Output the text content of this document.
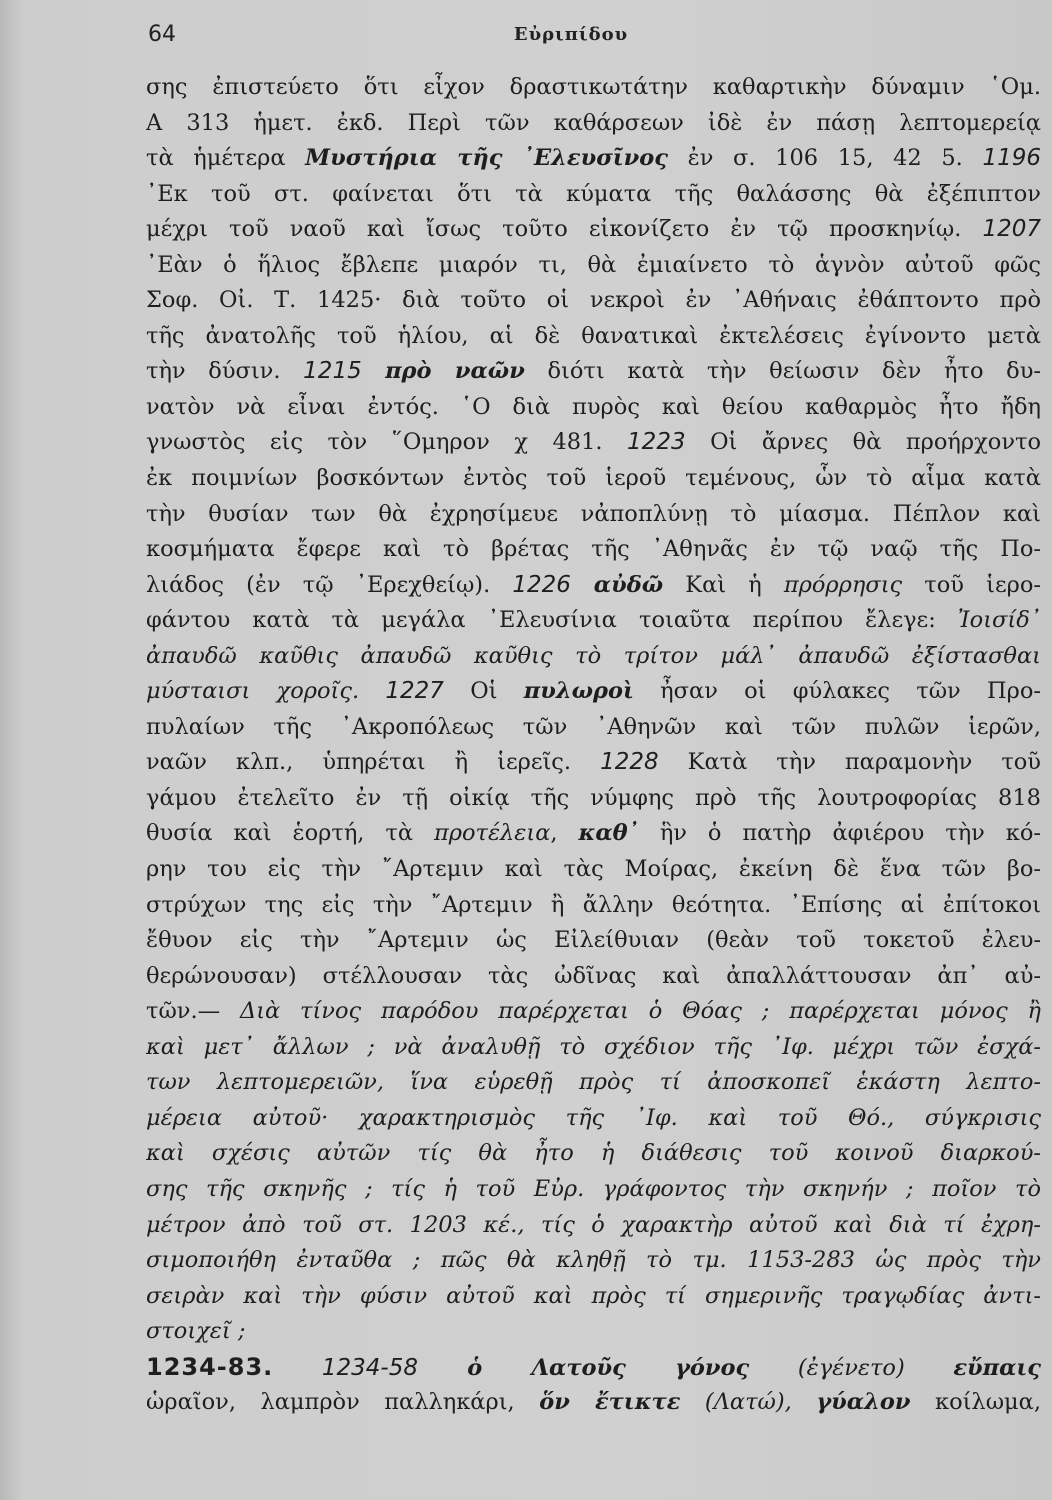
64	Εὐριπίδου
σης ἐπιστεύετο ὅτι εἶχον δραστικωτάτην καθαρτικὴν δύναμιν ῾Ομ.
Α 313 ἡμετ. ἐκδ. Περὶ τῶν καθάρσεων ἰδὲ ἐν πάσῃ λεπτομερείᾳ
τὰ ἡμέτερα Μυστήρια τῆς ᾿Ελευσῖνος ἐν σ. 106 15, 42 5. 1196
᾿Εκ τοῦ στ. φαίνεται ὅτι τὰ κύματα τῆς θαλάσσης θὰ ἐξέπιπτον
μέχρι τοῦ ναοῦ καὶ ἴσως τοῦτο εἰκονίζετο ἐν τῷ προσκηνίῳ. 1207
᾿Εὰν ὁ ἥλιος ἔβλεπε μιαρόν τι, θὰ ἐμιαίνετο τὸ ἁγνὸν αὐτοῦ φῶς
Σοφ. Οἰ. Τ. 1425· διὰ τοῦτο οἱ νεκροὶ ἐν ᾿Αθήναις ἐθάπτοντο πρὸ
τῆς ἀνατολῆς τοῦ ἡλίου, αἱ δὲ θανατικαὶ ἐκτελέσεις ἐγίνοντο μετὰ
τὴν δύσιν. 1215 πρὸ ναῶν διότι κατὰ τὴν θείωσιν δὲν ἦτο δυ-
νατὸν νὰ εἶναι ἐντός. ῾Ο διὰ πυρὸς καὶ θείου καθαρμὸς ἦτο ἤδη
γνωστὸς εἰς τὸν ῞Ομηρον χ 481. 1223 Οἱ ἄρνες θὰ προήρχοντο
ἐκ ποιμνίων βοσκόντων ἐντὸς τοῦ ἱεροῦ τεμένους, ὧν τὸ αἷμα κατὰ
τὴν θυσίαν των θὰ ἐχρησίμευε νἀποπλύνῃ τὸ μίασμα. Πέπλον καὶ
κοσμήματα ἔφερε καὶ τὸ βρέτας τῆς ᾿Αθηνᾶς ἐν τῷ ναῷ τῆς Πο-
λιάδος (ἐν τῷ ᾿Ερεχθείῳ). 1226 αὐδῶ Καὶ ἡ πρόρρησις τοῦ ἱερο-
φάντου κατὰ τὰ μεγάλα ᾿Ελευσίνια τοιαῦτα περίπου ἔλεγε: Ἰοισίδ᾿
ἀπαυδῶ καῦθις ἀπαυδῶ καῦθις τὸ τρίτον μάλ᾿ ἀπαυδῶ ἐξίστασθαι
μύσταισι χοροῖς. 1227 Οἱ πυλωροὶ ἦσαν οἱ φύλακες τῶν Προ-
πυλαίων τῆς ᾿Ακροπόλεως τῶν ᾿Αθηνῶν καὶ τῶν πυλῶν ἱερῶν,
ναῶν κλπ., ὑπηρέται ἢ ἱερεῖς. 1228 Κατὰ τὴν παραμονὴν τοῦ
γάμου ἐτελεῖτο ἐν τῇ οἰκίᾳ τῆς νύμφης πρὸ τῆς λουτροφορίας 818
θυσία καὶ ἑορτή, τὰ προτέλεια, καθ᾿ ἣν ὁ πατὴρ ἀφιέρου τὴν κό-
ρην του εἰς τὴν ῎Αρτεμιν καὶ τὰς Μοίρας, ἐκείνη δὲ ἕνα τῶν βο-
στρύχων της εἰς τὴν ῎Αρτεμιν ἢ ἄλλην θεότητα. ᾿Επίσης αἱ ἐπίτοκοι
ἔθυον εἰς τὴν ῎Αρτεμιν ὡς Εἰλείθυιαν (θεὰν τοῦ τοκετοῦ ἐλευ-
θερώνουσαν) στέλλουσαν τὰς ὠδῖνας καὶ ἀπαλλάττουσαν ἀπ᾿ αὐ-
τῶν.— Διὰ τίνος παρόδου παρέρχεται ὁ Θόας ; παρέρχεται μόνος ἢ
καὶ μετ᾿ ἄλλων ; νὰ ἀναλυθῇ τὸ σχέδιον τῆς ᾿Ιφ. μέχρι τῶν ἐσχά-
των λεπτομερειῶν, ἵνα εὑρεθῇ πρὸς τί ἀποσκοπεῖ ἑκάστη λεπτο-
μέρεια αὐτοῦ· χαρακτηρισμὸς τῆς ᾿Ιφ. καὶ τοῦ Θό., σύγκρισις
καὶ σχέσις αὐτῶν τίς θὰ ἦτο ἡ διάθεσις τοῦ κοινοῦ διαρκού-
σης τῆς σκηνῆς ; τίς ἡ τοῦ Εὐρ. γράφοντος τὴν σκηνήν ; ποῖον τὸ
μέτρον ἀπὸ τοῦ στ. 1203 κέ., τίς ὁ χαρακτὴρ αὐτοῦ καὶ διὰ τί ἐχρη-
σιμοποιήθη ἐνταῦθα ; πῶς θὰ κληθῇ τὸ τμ. 1153-283 ὡς πρὸς τὴν
σειρὰν καὶ τὴν φύσιν αὐτοῦ καὶ πρὸς τί σημερινῆς τραγῳδίας ἀντι-
στοιχεῖ ;
1234-83. 1234-58 ὁ Λατοῦς γόνος (ἐγένετο) εὔπαις
ὡραῖον, λαμπρὸν παλληκάρι, ὅν ἔτικτε (Λατώ), γύαλον κοίλωμα,
